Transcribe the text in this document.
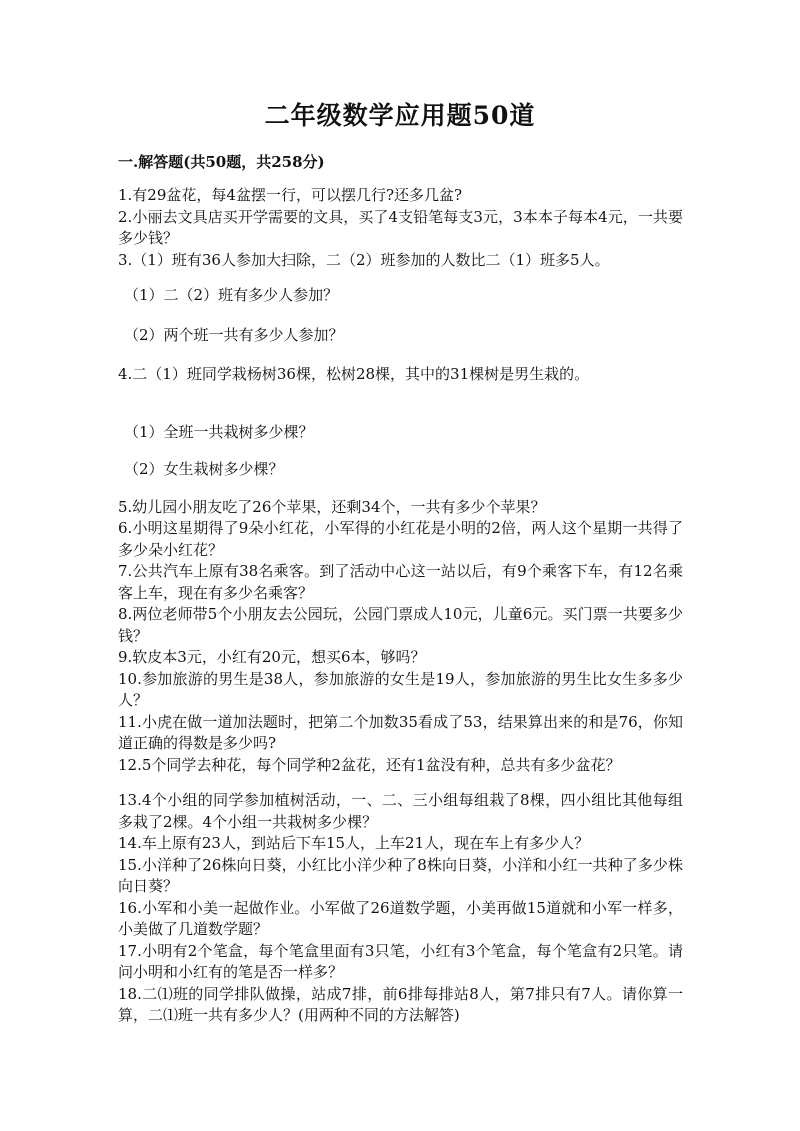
二年级数学应用题50道
一.解答题(共50题，共258分)

1.有29盆花，每4盆摆一行，可以摆几行?还多几盆?

2.小丽去文具店买开学需要的文具，买了4支铅笔每支3元，3本本子每本4元，一共要多少钱？

3.（1）班有36人参加大扫除，二（2）班参加的人数比二（1）班多5人。

（1）二（2）班有多少人参加？

（2）两个班一共有多少人参加？

4.二（1）班同学栽杨树36棵，松树28棵，其中的31棵树是男生栽的。

（1）全班一共栽树多少棵？

（2）女生栽树多少棵？

5.幼儿园小朋友吃了26个苹果，还剩34个，一共有多少个苹果？

6.小明这星期得了9朵小红花，小军得的小红花是小明的2倍，两人这个星期一共得了多少朵小红花？

7.公共汽车上原有38名乘客。到了活动中心这一站以后，有9个乘客下车，有12名乘客上车，现在有多少名乘客？

8.两位老师带5个小朋友去公园玩，公园门票成人10元，儿童6元。买门票一共要多少钱？

9.软皮本3元，小红有20元，想买6本，够吗？

10.参加旅游的男生是38人，参加旅游的女生是19人，参加旅游的男生比女生多多少人？

11.小虎在做一道加法题时，把第二个加数35看成了53，结果算出来的和是76，你知道正确的得数是多少吗?

12.5个同学去种花，每个同学种2盆花，还有1盆没有种，总共有多少盆花？

13.4个小组的同学参加植树活动，一、二、三小组每组栽了8棵，四小组比其他每组多栽了2棵。4个小组一共栽树多少棵？

14.车上原有23人，到站后下车15人，上车21人，现在车上有多少人？

15.小洋种了26株向日葵，小红比小洋少种了8株向日葵，小洋和小红一共种了多少株向日葵？

16.小军和小美一起做作业。小军做了26道数学题，小美再做15道就和小军一样多，小美做了几道数学题？

17.小明有2个笔盒，每个笔盒里面有3只笔，小红有3个笔盒，每个笔盒有2只笔。请问小明和小红有的笔是否一样多？

18.二⑴班的同学排队做操，站成7排，前6排每排站8人，第7排只有7人。请你算一算，二⑴班一共有多少人？(用两种不同的方法解答)
